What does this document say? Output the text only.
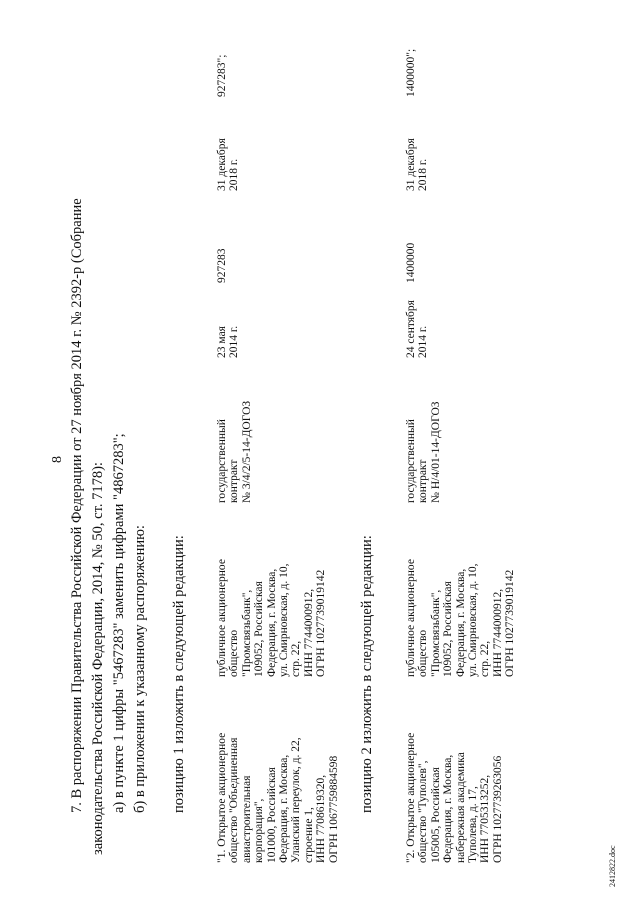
8 7. В распоряжении Правительства Российской Федерации от 27 ноября 2014 г. № 2392-р (Собрание законодательства Российской Федерации, 2014, № 50, ст. 7178): а) в пункте 1 цифры "5467283" заменить цифрами "4867283"; б) в приложении к указанному распоряжению: позицию 1 изложить в следующей редакции:

"1. Открытое акционерное
общество "Объединенная
авиастроительная
корпорация",
101000, Российская
Федерация, г. Москва,
Уланский переулок, д. 22,
строение 1,
ИНН 7708619320,
ОГРН 1067759884598

публичное акционерное
общество
"Промсвязьбанк",
109052, Российская
Федерация, г. Москва,
ул. Смирновская, д. 10,
стр. 22,
ИНН 7744000912,
ОГРН 1027739019142

государственный
контракт
№ 3/4/2/5-14-ДОГОЗ

23 мая
2014 г.

927283

31 декабря
2018 г.

927283";

позицию 2 изложить в следующей редакции:

"2. Открытое акционерное
общество "Туполев",
105005, Российская
Федерация, г. Москва,
набережная академика
Туполева, д. 17,
ИНН 7705313252,
ОГРН 1027739263056

публичное акционерное
общество
"Промсвязьбанк",
109052, Российская
Федерация, г. Москва,
ул. Смирновская, д. 10,
стр. 22,
ИНН 7744000912,
ОГРН 1027739019142

государственный
контракт
№ Н/4/01-14-ДОГОЗ

24 сентября
2014 г.

1400000

31 декабря
2018 г.

1400000";

2412822.doc
